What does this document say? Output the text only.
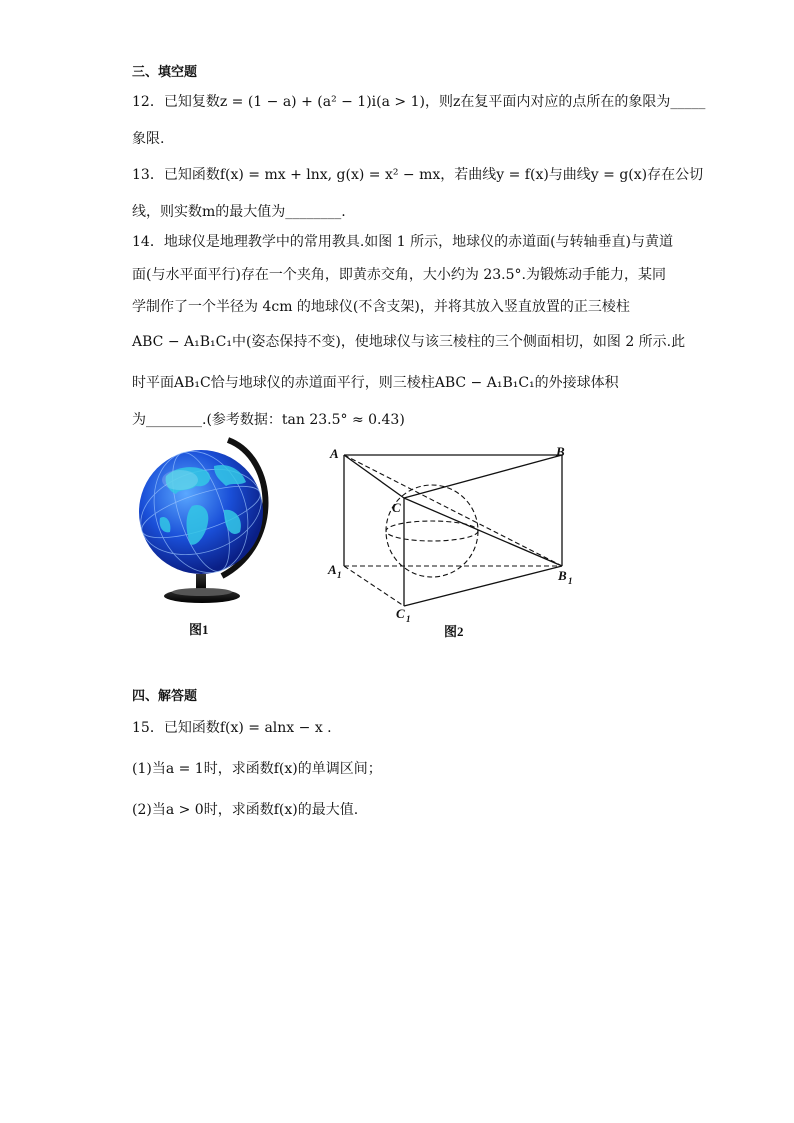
三、填空题
12．已知复数z = (1 − a) + (a² − 1)i(a > 1)，则z在复平面内对应的点所在的象限为_____
象限.
13．已知函数f(x) = mx + lnx, g(x) = x² − mx，若曲线y = f(x)与曲线y = g(x)存在公切
线，则实数m的最大值为________.
14．地球仪是地理教学中的常用教具.如图 1 所示，地球仪的赤道面(与转轴垂直)与黄道
面(与水平面平行)存在一个夹角，即黄赤交角，大小约为 23.5°.为锻炼动手能力，某同
学制作了一个半径为 4cm 的地球仪(不含支架)，并将其放入竖直放置的正三棱柱
ABC − A₁B₁C₁中(姿态保持不变)，使地球仪与该三棱柱的三个侧面相切，如图 2 所示.此
时平面AB₁C恰与地球仪的赤道面平行，则三棱柱ABC − A₁B₁C₁的外接球体积
为________.(参考数据：tan 23.5° ≈ 0.43)
图1
A	B
C
A 1	B 1
C 1
图2
四、解答题
15．已知函数f(x) = alnx − x .
(1)当a = 1时，求函数f(x)的单调区间；
(2)当a > 0时，求函数f(x)的最大值.
